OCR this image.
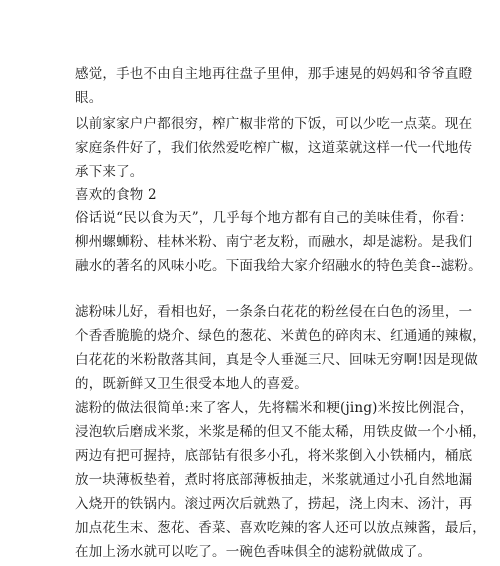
感觉，手也不由自主地再往盘子里伸，那手速晃的妈妈和爷爷直瞪
眼。
以前家家户户都很穷，榨广椒非常的下饭，可以少吃一点菜。现在
家庭条件好了，我们依然爱吃榨广椒，这道菜就这样一代一代地传
承下来了。
喜欢的食物 2
俗话说“民以食为天”，几乎每个地方都有自己的美味佳肴，你看：
柳州螺蛳粉、桂林米粉、南宁老友粉，而融水，却是滤粉。是我们
融水的著名的风味小吃。下面我给大家介绍融水的特色美食--滤粉。
滤粉味儿好，看相也好，一条条白花花的粉丝侵在白色的汤里，一
个香香脆脆的烧介、绿色的葱花、米黄色的碎肉末、红通通的辣椒，
白花花的米粉散落其间，真是令人垂涎三尺、回味无穷啊!因是现做
的，既新鲜又卫生很受本地人的喜爱。
滤粉的做法很简单:来了客人，先将糯米和粳(jing)米按比例混合，
浸泡软后磨成米浆，米浆是稀的但又不能太稀，用铁皮做一个小桶，
两边有把可握持，底部钻有很多小孔，将米浆倒入小铁桶内，桶底
放一块薄板垫着，煮时将底部薄板抽走，米浆就通过小孔自然地漏
入烧开的铁锅内。滚过两次后就熟了，捞起，浇上肉末、汤汁，再
加点花生末、葱花、香菜、喜欢吃辣的客人还可以放点辣酱，最后，
在加上汤水就可以吃了。一碗色香味俱全的滤粉就做成了。
